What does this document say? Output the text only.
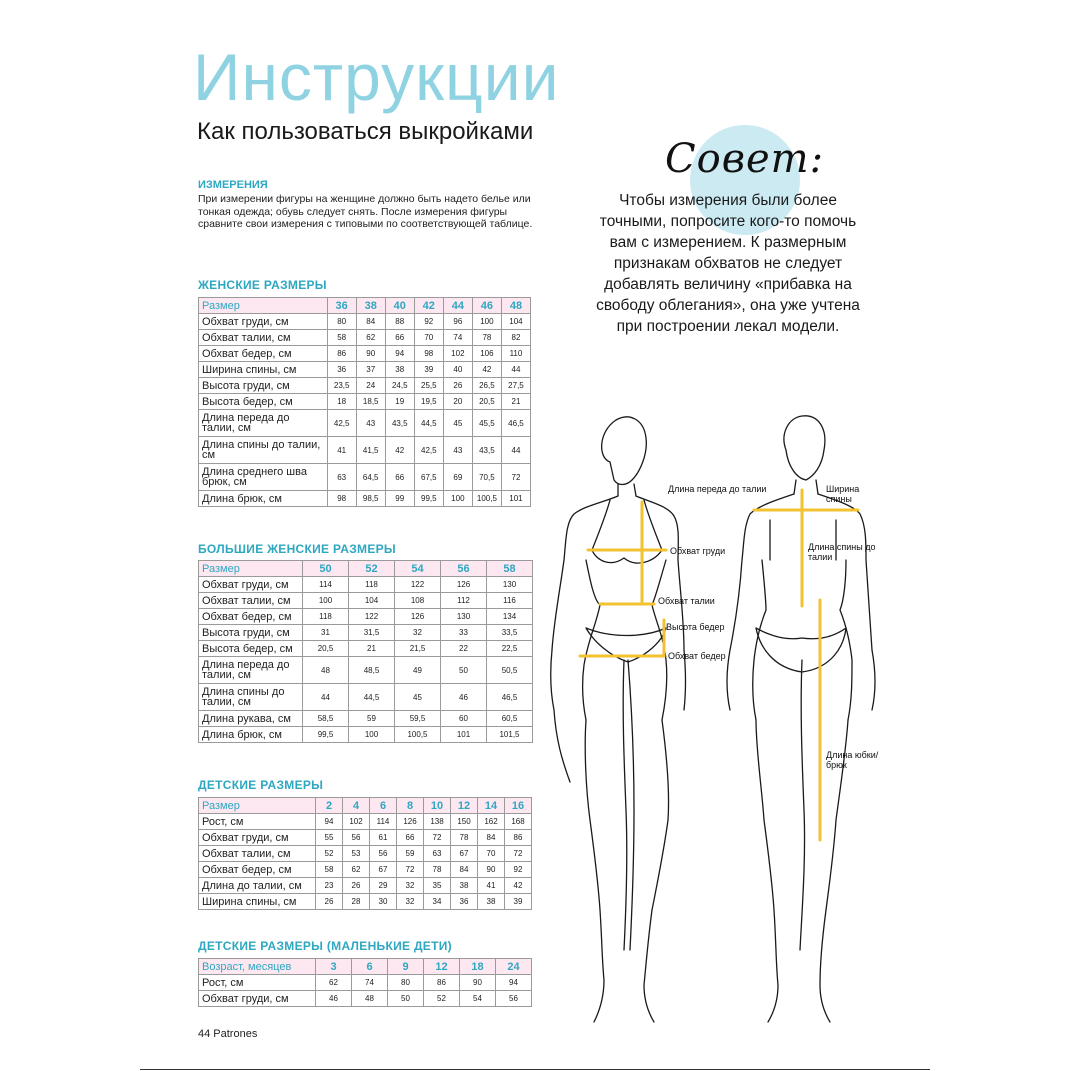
Инструкции
Как пользоваться выкройками
ИЗМЕРЕНИЯ
При измерении фигуры на женщине должно быть надето белье или тонкая одежда; обувь следует снять. После измерения фигуры сравните свои измерения с типовыми по соответствующей таблице.
ЖЕНСКИЕ РАЗМЕРЫ
Размер	36	38	40	42	44	46	48
Обхват груди, см	80	84	88	92	96	100	104
Обхват талии, см	58	62	66	70	74	78	82
Обхват бедер, см	86	90	94	98	102	106	110
Ширина спины, см	36	37	38	39	40	42	44
Высота груди, см	23,5	24	24,5	25,5	26	26,5	27,5
Высота бедер, см	18	18,5	19	19,5	20	20,5	21
Длина переда до талии, см	42,5	43	43,5	44,5	45	45,5	46,5
Длина спины до талии, см	41	41,5	42	42,5	43	43,5	44
Длина среднего шва брюк, см	63	64,5	66	67,5	69	70,5	72
Длина брюк, см	98	98,5	99	99,5	100	100,5	101
БОЛЬШИЕ ЖЕНСКИЕ РАЗМЕРЫ
Размер	50	52	54	56	58
Обхват груди, см	114	118	122	126	130
Обхват талии, см	100	104	108	112	116
Обхват бедер, см	118	122	126	130	134
Высота груди, см	31	31,5	32	33	33,5
Высота бедер, см	20,5	21	21,5	22	22,5
Длина переда до талии, см	48	48,5	49	50	50,5
Длина спины до талии, см	44	44,5	45	46	46,5
Длина рукава, см	58,5	59	59,5	60	60,5
Длина брюк, см	99,5	100	100,5	101	101,5
ДЕТСКИЕ РАЗМЕРЫ
Размер	2	4	6	8	10	12	14	16
Рост, см	94	102	114	126	138	150	162	168
Обхват груди, см	55	56	61	66	72	78	84	86
Обхват талии, см	52	53	56	59	63	67	70	72
Обхват бедер, см	58	62	67	72	78	84	90	92
Длина до талии, см	23	26	29	32	35	38	41	42
Ширина спины, см	26	28	30	32	34	36	38	39
ДЕТСКИЕ РАЗМЕРЫ (МАЛЕНЬКИЕ ДЕТИ)
Возраст, месяцев	3	6	9	12	18	24
Рост, см	62	74	80	86	90	94
Обхват груди, см	46	48	50	52	54	56
44 Patrones
Совет:
Чтобы измерения были более точными, попросите кого-то помочь вам с измерением. К размерным признакам обхватов не следует добавлять величину «прибавка на свободу облегания», она уже учтена при построении лекал модели.
Длина переда до талии
Обхват груди
Обхват талии
Высота бедер
Обхват бедер
Ширина спины
Длина спины до талии
Длина юбки/брюк
